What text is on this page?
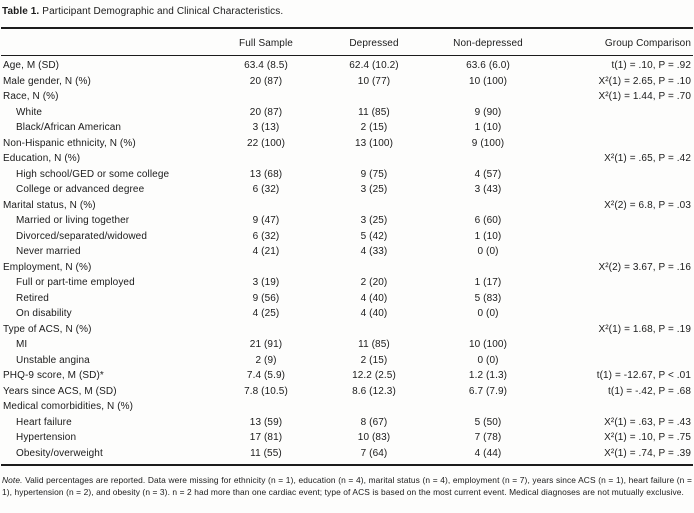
Table 1. Participant Demographic and Clinical Characteristics.
	Full Sample	Depressed	Non-depressed	Group Comparison
Age, M (SD)	63.4 (8.5)	62.4 (10.2)	63.6 (6.0)	t(1) = .10, P = .92
Male gender, N (%)	20 (87)	10 (77)	10 (100)	X²(1) = 2.65, P = .10
Race, N (%)				X²(1) = 1.44, P = .70
White	20 (87)	11 (85)	9 (90)	
Black/African American	3 (13)	2 (15)	1 (10)	
Non-Hispanic ethnicity, N (%)	22 (100)	13 (100)	9 (100)	
Education, N (%)				X²(1) = .65, P = .42
High school/GED or some college	13 (68)	9 (75)	4 (57)	
College or advanced degree	6 (32)	3 (25)	3 (43)	
Marital status, N (%)				X²(2) = 6.8, P = .03
Married or living together	9 (47)	3 (25)	6 (60)	
Divorced/separated/widowed	6 (32)	5 (42)	1 (10)	
Never married	4 (21)	4 (33)	0 (0)	
Employment, N (%)				X²(2) = 3.67, P = .16
Full or part-time employed	3 (19)	2 (20)	1 (17)	
Retired	9 (56)	4 (40)	5 (83)	
On disability	4 (25)	4 (40)	0 (0)	
Type of ACS, N (%)				X²(1) = 1.68, P = .19
MI	21 (91)	11 (85)	10 (100)	
Unstable angina	2 (9)	2 (15)	0 (0)	
PHQ-9 score, M (SD)*	7.4 (5.9)	12.2 (2.5)	1.2 (1.3)	t(1) = -12.67, P < .01
Years since ACS, M (SD)	7.8 (10.5)	8.6 (12.3)	6.7 (7.9)	t(1) = -.42, P = .68
Medical comorbidities, N (%)				
Heart failure	13 (59)	8 (67)	5 (50)	X²(1) = .63, P = .43
Hypertension	17 (81)	10 (83)	7 (78)	X²(1) = .10, P = .75
Obesity/overweight	11 (55)	7 (64)	4 (44)	X²(1) = .74, P = .39
Note. Valid percentages are reported. Data were missing for ethnicity (n = 1), education (n = 4), marital status (n = 4), employment (n = 7), years since ACS (n = 1), heart failure (n = 1), hypertension (n = 2), and obesity (n = 3). n = 2 had more than one cardiac event; type of ACS is based on the most current event. Medical diagnoses are not mutually exclusive.
